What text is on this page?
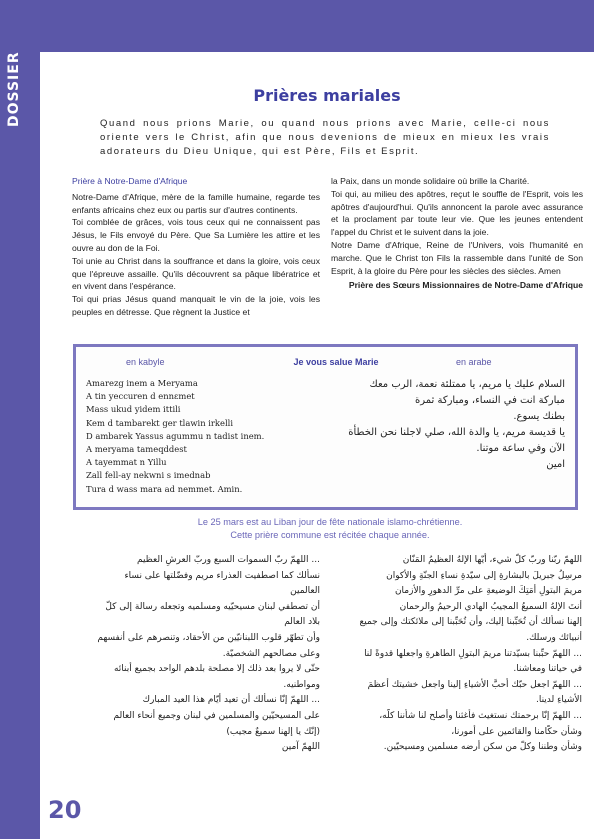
DOSSIER	Prières mariales
Quand nous prions Marie, ou quand nous prions avec Marie, celle-ci nous oriente vers le Christ, afin que nous devenions de mieux en mieux les vrais adorateurs du Dieu Unique, qui est Père, Fils et Esprit.

Prière à Notre-Dame d'Afrique

Notre-Dame d'Afrique, mère de la famille humaine, regarde tes enfants africains chez eux ou partis sur d'autres continents.

Toi comblée de grâces, vois tous ceux qui ne connaissent pas Jésus, le Fils envoyé du Père. Que Sa Lumière les attire et les ouvre au don de la Foi.

Toi unie au Christ dans la souffrance et dans la gloire, vois ceux que l'épreuve assaille. Qu'ils découvrent sa pâque libératrice et en vivent dans l'espérance.

Toi qui prias Jésus quand manquait le vin de la joie, vois les peuples en détresse. Que règnent la Justice et

la Paix, dans un monde solidaire où brille la Charité.

Toi qui, au milieu des apôtres, reçut le souffle de l'Esprit, vois les apôtres d'aujourd'hui. Qu'ils annoncent la parole avec assurance et la proclament par toute leur vie. Que les jeunes entendent l'appel du Christ et le suivent dans la joie.

Notre Dame d'Afrique, Reine de l'Univers, vois l'humanité en marche. Que le Christ ton Fils la rassemble dans l'unité de Son Esprit, à la gloire du Père pour les siècles des siècles. Amen

Prière des Sœurs Missionnaires de Notre-Dame d'Afrique

en kabyle	Je vous salue Marie	en arabe
Amarezg inem a Meryama
A tin yeccuren d ennεmet
Mass ukud yidem ittili
Kem d tambarekt ger tlawin irkelli
D ambarek Yassus agummu n tadist inem.
A meryama tameqddest
A tayemmat n Yillu
Zall fell-ay nekwni s imednab
Tura d wass mara ad nemmet. Amin.
السلام عليك يا مريم، يا ممتلئة نعمة، الرب معك
مباركة انت في النساء، ومباركة ثمرة
بطنك يسوع.
يا قديسة مريم، يا والدة الله، صلي لاجلنا نحن الخطأة
الآن وفي ساعة موتنا.
امين
Le 25 mars est au Liban jour de fête nationale islamo-chrétienne.
Cette prière commune est récitée chaque année.
اللهمّ ربّنا وربّ كلّ شيء، أيّها الإلهُ العظيمُ المَنّان
مرسِلُ جبريلَ بالبشارةِ إلى سيّدةِ نساءِ الجنّةِ والأكوان
مريمَ البتولِ أمَتِكَ الوضيعةِ على مرِّ الدهورِ والأزمان
أنتَ الإلهُ السميعُ المجيبُ الهادي الرحيمُ والرحمان
إلهنا نسألك أن تُحَبِّبنا إليك، وأن تُحَبِّبنا إلى ملائكتك وإلى جميع
أنبيائك ورسلك.
... اللهمّ حبِّبنا بسيّدتنا مريمَ البتولِ الطاهرةِ واجعلها قدوةً لنا
في حياتنا ومعاشنا.
... اللهمّ اجعل حبّك أحبَّ الأشياءِ إلينا واجعل خشيتك أعظمَ
الأشياءِ لدينا.
... اللهمّ إنّا برحمتك نستغيث فأغثنا وأصلح لنا شأننا كلّه،
وشأن حكّامنا والقائمين على أمورنا،
وشأن وطننا وكلّ من سكن أرضه مسلمين ومسيحيّين.
... اللهمّ ربّ السموات السبع وربّ العرشِ العظيم
نسألك كما اصطفيت العذراء مريم وفضّلتها على نساء
العالمين
أن تصطفي لبنان مسيحيّيه ومسلميه وتجعله رسالة إلى كلّ
بلاد العالم
وأن تطهّر قلوب اللبنانيّين من الأحقاد، وتنصرهم على أنفسهم
وعلى مصالحهم الشخصيّة.
حتّى لا يروا بعد ذلك إلا مصلحة بلدهم الواحد بجميع أبنائه
ومواطنيه.
... اللهمّ إنّا نسألك أن تعيد أيّام هذا العيد المبارك
على المسيحيّين والمسلمين في لبنان وجميع أنحاء العالم
(إنّك يا إلهنا سميعٌ مجيب)
اللهمّ آمين
20
